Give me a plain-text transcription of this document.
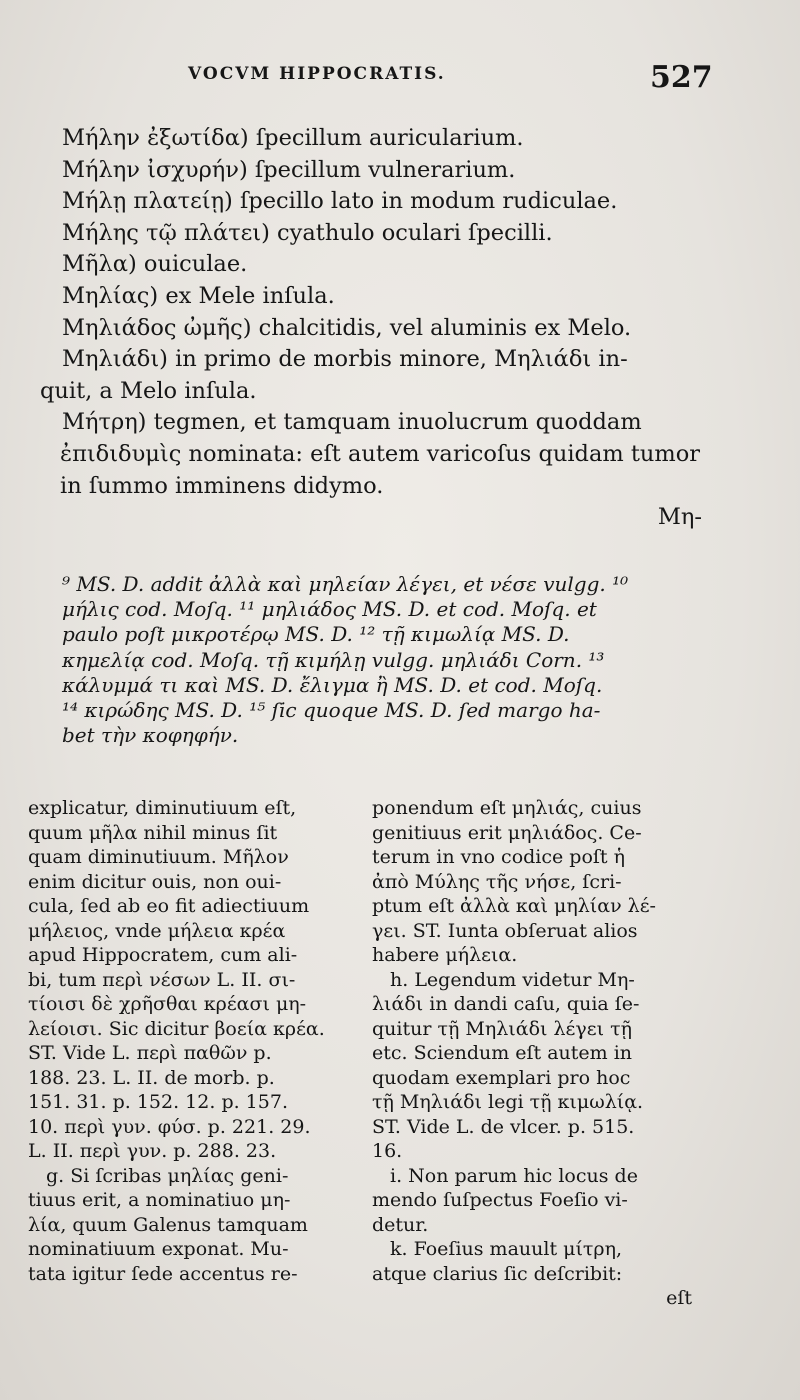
VOCVM HIPPOCRATIS.	527
Μήλην ἐξωτίδα) ſpecillum auricularium.
Μήλην ἰσχυρήν) ſpecillum vulnerarium.
Μήλῃ πλατείῃ) ſpecillo lato in modum rudiculae.
Μήλης τῷ πλάτει) cyathulo oculari ſpecilli.
Μῆλα) ouiculae.
Μηλίας) ex Mele inſula.
Μηλιάδος ὠμῆς) chalcitidis, vel aluminis ex Melo.
Μηλιάδι) in primo de morbis minore, Μηλιάδι in-
quit, a Melo inſula.
Μήτρη) tegmen, et tamquam inuolucrum quoddam
ἐπιδιδυμὶς nominata: eſt autem varicoſus quidam tumor
in ſummo imminens didymo.
Μη-
⁹ MS. D. addit ἀλλὰ καὶ μηλείαν λέγει, et νέσε vulgg. ¹⁰
μήλις cod. Moſq. ¹¹ μηλιάδος MS. D. et cod. Moſq. et
paulo poſt μικροτέρῳ MS. D. ¹² τῇ κιμωλίᾳ MS. D.
κημελίᾳ cod. Moſq. τῇ κιμήλῃ vulgg. μηλιάδι Corn. ¹³
κάλυμμά τι καὶ MS. D. ἔλιγμα ἢ MS. D. et cod. Moſq.
¹⁴ κιρώδης MS. D. ¹⁵ ſic quoque MS. D. ſed margo ha-
bet τὴν κοφηφήν.
explicatur, diminutiuum eſt,
quum μῆλα nihil minus ſit
quam diminutiuum. Μῆλον
enim dicitur ouis, non oui-
cula, ſed ab eo fit adiectiuum
μήλειος, vnde μήλεια κρέα
apud Hippocratem, cum ali-
bi, tum περὶ νέσων L. II. σι-
τίοισι δὲ χρῆσθαι κρέασι μη-
λείοισι. Sic dicitur βοεία κρέα.
ST. Vide L. περὶ παθῶν p.
188. 23. L. II. de morb. p.
151. 31. p. 152. 12. p. 157.
10. περὶ γυν. φύσ. p. 221. 29.
L. II. περὶ γυν. p. 288. 23.
g. Si ſcribas μηλίας geni-
tiuus erit, a nominatiuo μη-
λία, quum Galenus tamquam
nominatiuum exponat. Mu-
tata igitur ſede accentus re-
ponendum eſt μηλιάς, cuius
genitiuus erit μηλιάδος. Ce-
terum in vno codice poſt ἡ
ἀπὸ Μύλης τῆς νήσε, ſcri-
ptum eſt ἀλλὰ καὶ μηλίαν λέ-
γει. ST. Iunta obſeruat alios
habere μήλεια.
h. Legendum videtur Μη-
λιάδι in dandi caſu, quia ſe-
quitur τῇ Μηλιάδι λέγει τῇ
etc. Sciendum eſt autem in
quodam exemplari pro hoc
τῇ Μηλιάδι legi τῇ κιμωλίᾳ.
ST. Vide L. de vlcer. p. 515.
16.
i. Non parum hic locus de
mendo ſuſpectus Foeſio vi-
detur.
k. Foeſius mauult μίτρη,
atque clarius ſic deſcribit:
eſt
